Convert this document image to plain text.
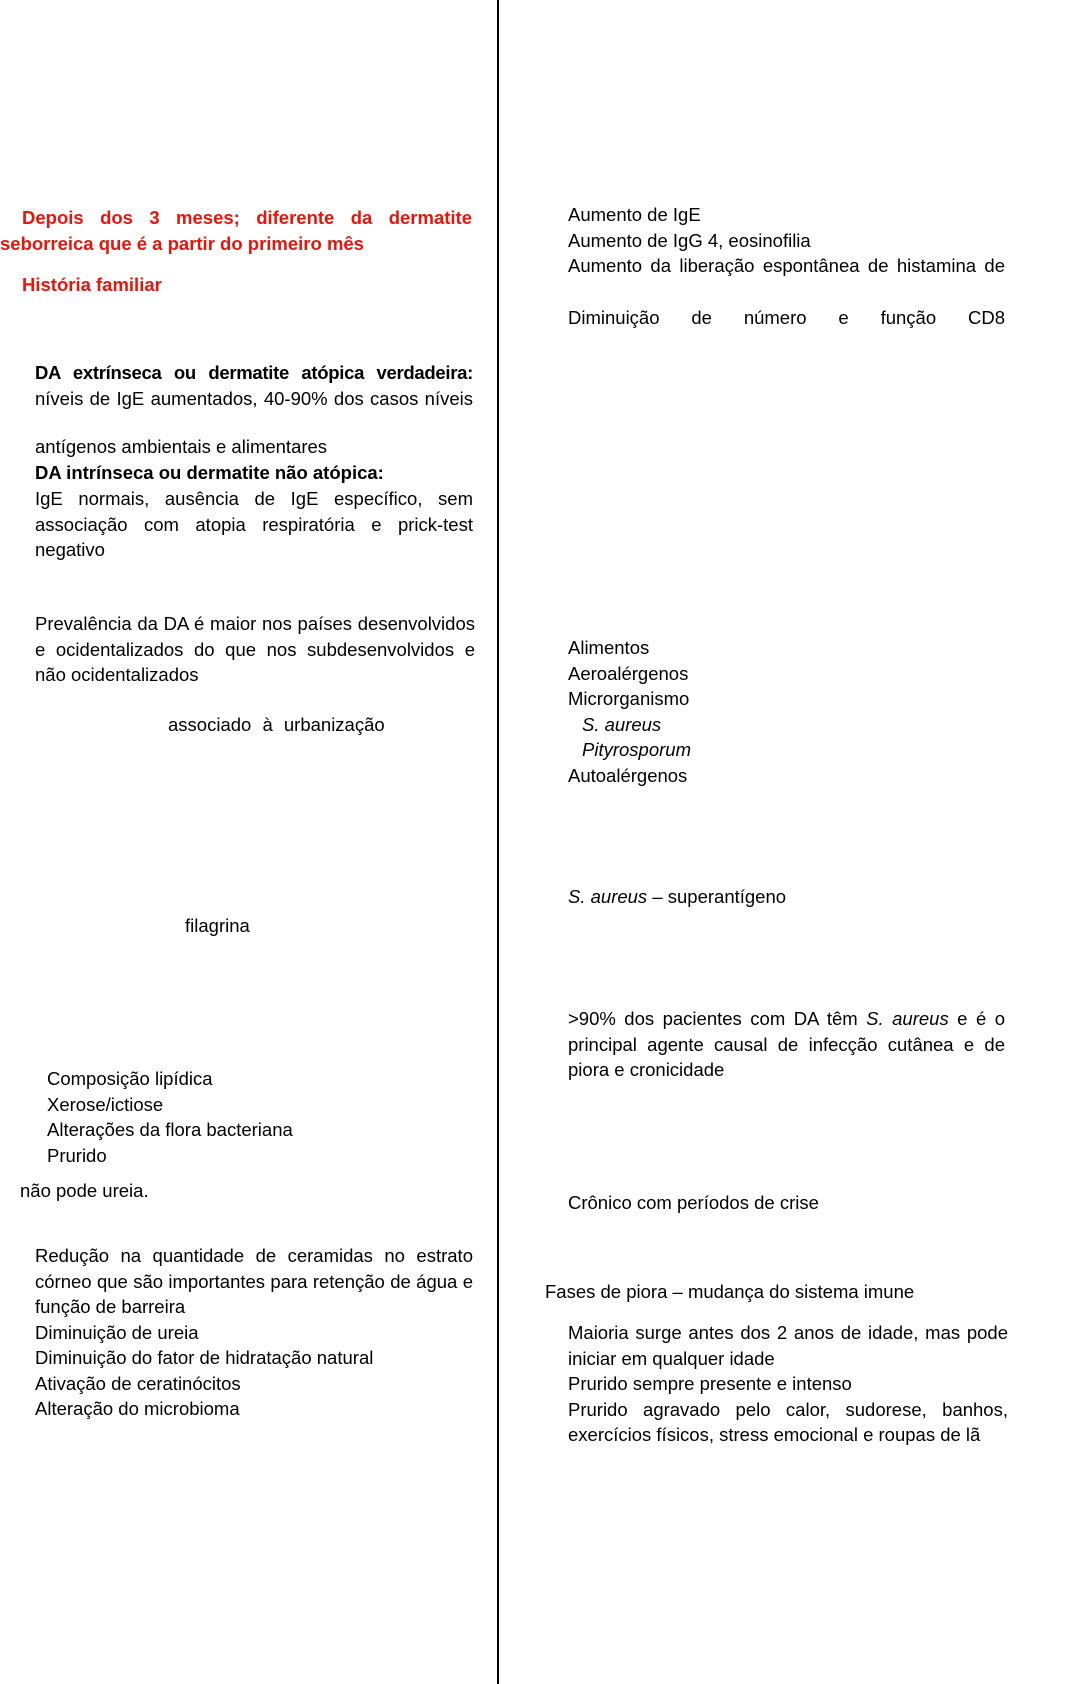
Depois dos 3 meses; diferente da dermatite seborreica que é a partir do primeiro mês

História familiar

DA extrínseca ou dermatite atópica verdadeira:
níveis de IgE aumentados, 40-90% dos casos níveis
antígenos ambientais e alimentares
DA intrínseca ou dermatite não atópica:
IgE normais, ausência de IgE específico, sem associação com atopia respiratória e prick-test negativo
Prevalência da DA é maior nos países desenvolvidos e ocidentalizados do que nos subdesenvolvidos e não ocidentalizados
associado à urbanização
filagrina
Composição lipídica
Xerose/ictiose
Alterações da flora bacteriana
Prurido
não pode ureia.
Redução na quantidade de ceramidas no estrato córneo que são importantes para retenção de água e função de barreira
Diminuição de ureia
Diminuição do fator de hidratação natural
Ativação de ceratinócitos
Alteração do microbioma
Aumento de IgE
Aumento de IgG 4, eosinofilia
Aumento da liberação espontânea de histamina de
Diminuição de número e função CD8
Alimentos
Aeroalérgenos
Microrganismo
S. aureus
Pityrosporum
Autoalérgenos
S. aureus – superantígeno
>90% dos pacientes com DA têm S. aureus e é o principal agente causal de infecção cutânea e de piora e cronicidade
Crônico com períodos de crise
Fases de piora – mudança do sistema imune
Maioria surge antes dos 2 anos de idade, mas pode iniciar em qualquer idade
Prurido sempre presente e intenso
Prurido agravado pelo calor, sudorese, banhos, exercícios físicos, stress emocional e roupas de lã
